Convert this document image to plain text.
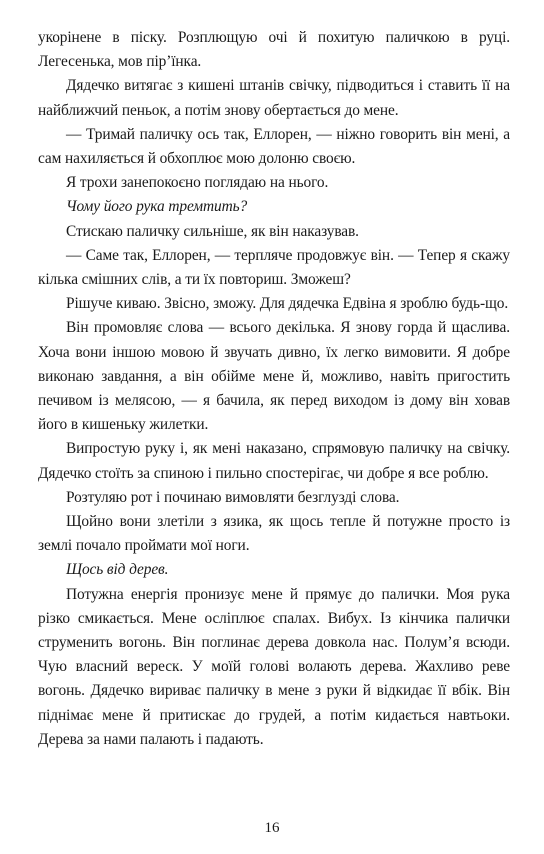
укорінене в піску. Розплющую очі й похитую паличкою в руці. Легесенька, мов пір’їнка.

Дядечко витягає з кишені штанів свічку, підводиться і ставить її на найближчий пеньок, а потім знову обертається до мене.

— Тримай паличку ось так, Еллорен, — ніжно говорить він мені, а сам нахиляється й обхоплює мою долоню своєю.

Я трохи занепокоєно поглядаю на нього.

Чому його рука тремтить?

Стискаю паличку сильніше, як він наказував.

— Саме так, Еллорен, — терпляче продовжує він. — Тепер я скажу кілька смішних слів, а ти їх повториш. Зможеш?

Рішуче киваю. Звісно, зможу. Для дядечка Едвіна я зроблю будь-що.

Він промовляє слова — всього декілька. Я знову горда й щаслива. Хоча вони іншою мовою й звучать дивно, їх легко вимовити. Я добре виконаю завдання, а він обійме мене й, можливо, навіть пригостить печивом із мелясою, — я бачила, як перед виходом із дому він ховав його в кишеньку жилетки.

Випростую руку і, як мені наказано, спрямовую паличку на свічку. Дядечко стоїть за спиною і пильно спостерігає, чи добре я все роблю.

Розтуляю рот і починаю вимовляти безглузді слова.

Щойно вони злетіли з язика, як щось тепле й потужне просто із землі почало проймати мої ноги.

Щось від дерев.

Потужна енергія пронизує мене й прямує до палички. Моя рука різко смикається. Мене осліплює спалах. Вибух. Із кінчика палички струменить вогонь. Він поглинає дерева довкола нас. Полум’я всюди. Чую власний вереск. У моїй голові волають дерева. Жахливо реве вогонь. Дядечко вириває паличку в мене з руки й відкидає її вбік. Він піднімає мене й притискає до грудей, а потім кидається навтьоки. Дерева за нами палають і падають.

16
